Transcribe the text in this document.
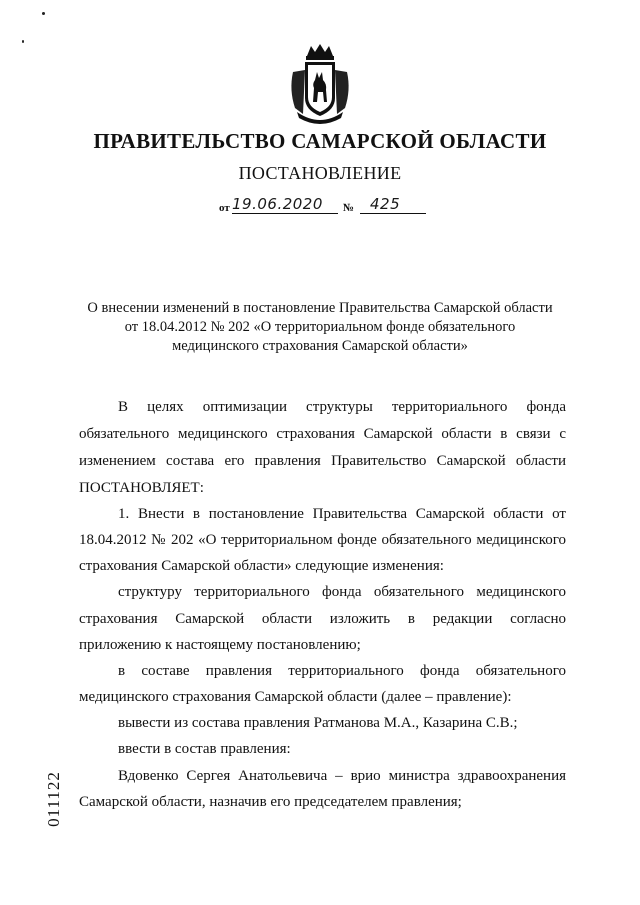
ПРАВИТЕЛЬСТВО САМАРСКОЙ ОБЛАСТИ
ПОСТАНОВЛЕНИЕ
от 19.06.2020 № 425
О внесении изменений в постановление Правительства Самарской области
от 18.04.2012 № 202 «О территориальном фонде обязательного
медицинского страхования Самарской области»
В целях оптимизации структуры территориального фонда
обязательного медицинского страхования Самарской области в связи с
изменением состава его правления Правительство Самарской области
ПОСТАНОВЛЯЕТ:
1. Внести в постановление Правительства Самарской области от
18.04.2012 № 202 «О территориальном фонде обязательного медицинского
страхования Самарской области» следующие изменения:
структуру территориального фонда обязательного медицинского
страхования Самарской области изложить в редакции согласно
приложению к настоящему постановлению;
в составе правления территориального фонда обязательного
медицинского страхования Самарской области (далее – правление):
вывести из состава правления Ратманова М.А., Казарина С.В.;
ввести в состав правления:
Вдовенко Сергея Анатольевича – врио министра здравоохранения
Самарской области, назначив его председателем правления;
011122
